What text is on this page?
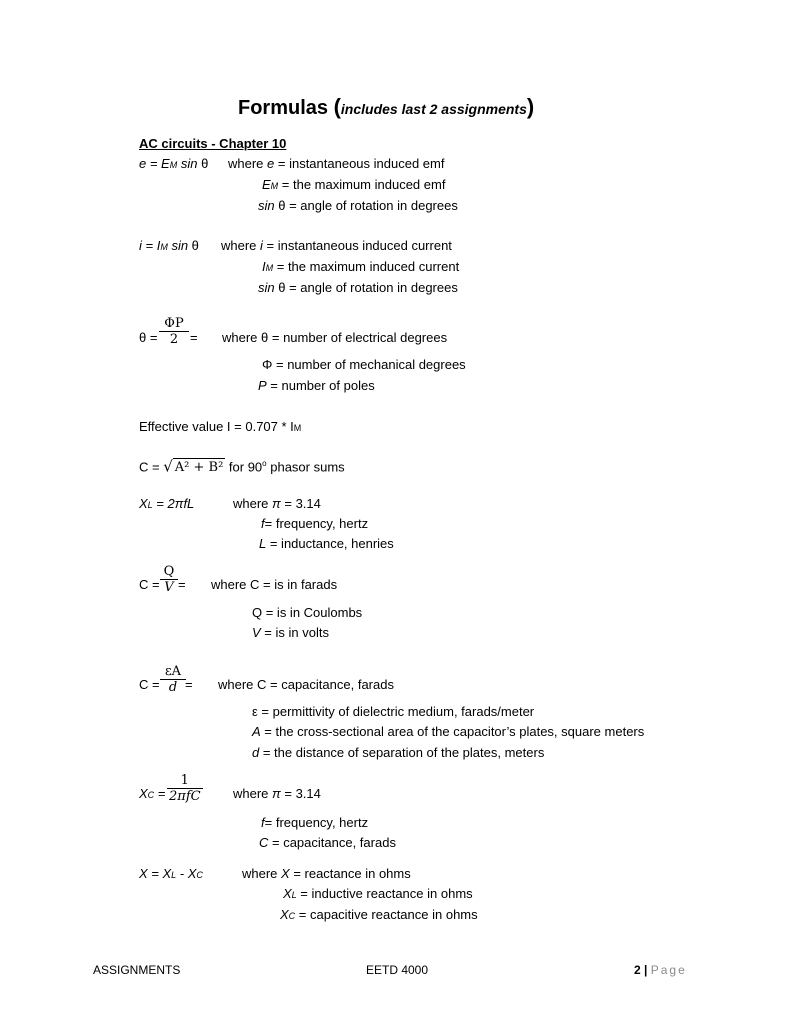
Formulas (includes last 2 assignments)
AC circuits - Chapter 10
e = EM sin θ where e = instantaneous induced emf
EM = the maximum induced emf
sin θ = angle of rotation in degrees
i = IM sin θ where i = instantaneous induced current
IM = the maximum induced current
sin θ = angle of rotation in degrees
$\theta = \frac{\Phi P}{2}$ = where θ = number of electrical degrees
Φ = number of mechanical degrees
P = number of poles
Effective value I = 0.707 * IM
C = √ A² + B² for 90$^o$ phasor sums
XL = 2πfL	where π = 3.14
f= frequency, hertz
L = inductance, henries
$C = \frac{Q}{V}$ = where C = is in farads
Q = is in Coulombs
V = is in volts
$C = \frac{\varepsilon A}{d}$ = where C = capacitance, farads
ε = permittivity of dielectric medium, farads/meter
A = the cross-sectional area of the capacitor’s plates, square meters
d = the distance of separation of the plates, meters
XC =
1
2πfC where π = 3.14
f= frequency, hertz
C = capacitance, farads
X = XL - XC	where X = reactance in ohms
XL = inductive reactance in ohms
XC = capacitive reactance in ohms
ASSIGNMENTS	EETD 4000	2 | Page
